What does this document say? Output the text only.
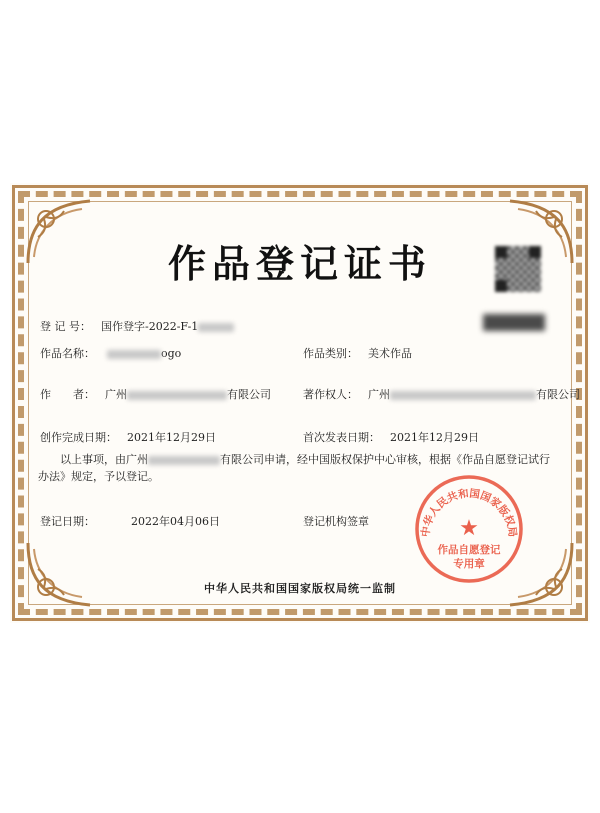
作品登记证书
登 记 号： 国作登字-2022-F-1
作品名称：	ogo	作品类别： 美术作品
作　　者： 广州	有限公司	著作权人： 广州	有限公司
创作完成日期： 2021年12月29日	首次发表日期： 2021年12月29日
以上事项，由广州	有限公司申请，经中国版权保护中心审核，根据《作品自愿登记试行办法》规定，予以登记。
登记日期：	2022年04月06日	登记机构签章
中华人民共和国国家版权局
★
作品自愿登记
专用章
中华人民共和国国家版权局统一监制
